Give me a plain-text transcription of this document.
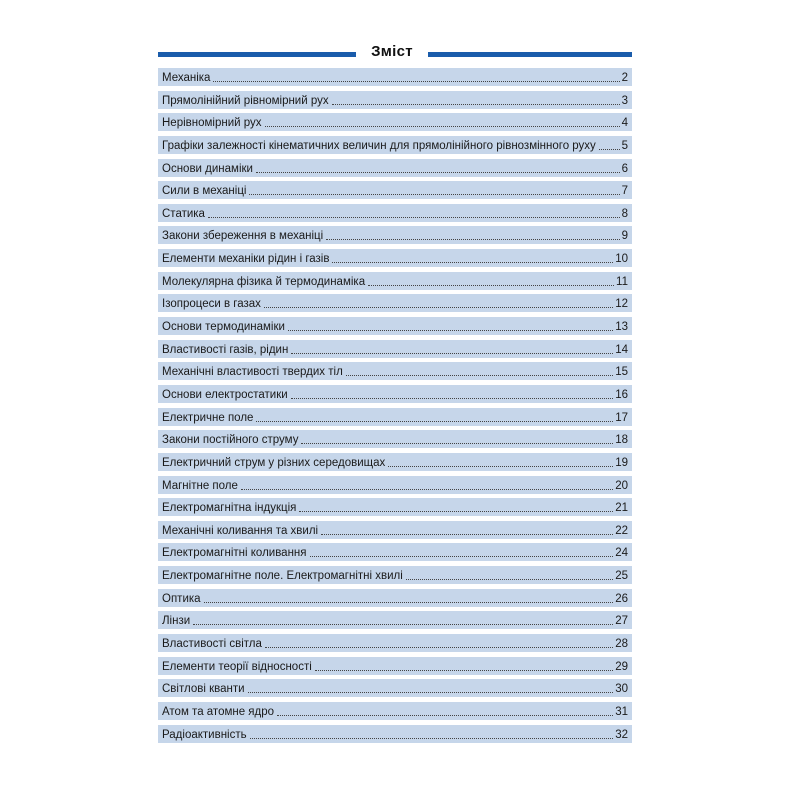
Зміст
Механіка	2
Прямолінійний рівномірний рух	3
Нерівномірний рух	4
Графіки залежності кінематичних величин для прямолінійного рівнозмінного руху 5
Основи динаміки	6
Сили в механіці	7
Статика	8
Закони збереження в механіці	9
Елементи механіки рідин і газів	10
Молекулярна фізика й термодинаміка	11
Ізопроцеси в газах	12
Основи термодинаміки	13
Властивості газів, рідин	14
Механічні властивості твердих тіл	15
Основи електростатики	16
Електричне поле	17
Закони постійного струму	18
Електричний струм у різних середовищах	19
Магнітне поле	20
Електромагнітна індукція	21
Механічні коливання та хвилі	22
Електромагнітні коливання	24
Електромагнітне поле. Електромагнітні хвилі	25
Оптика	26
Лінзи	27
Властивості світла	28
Елементи теорії відносності	29
Світлові кванти	30
Атом та атомне ядро	31
Радіоактивність	32
